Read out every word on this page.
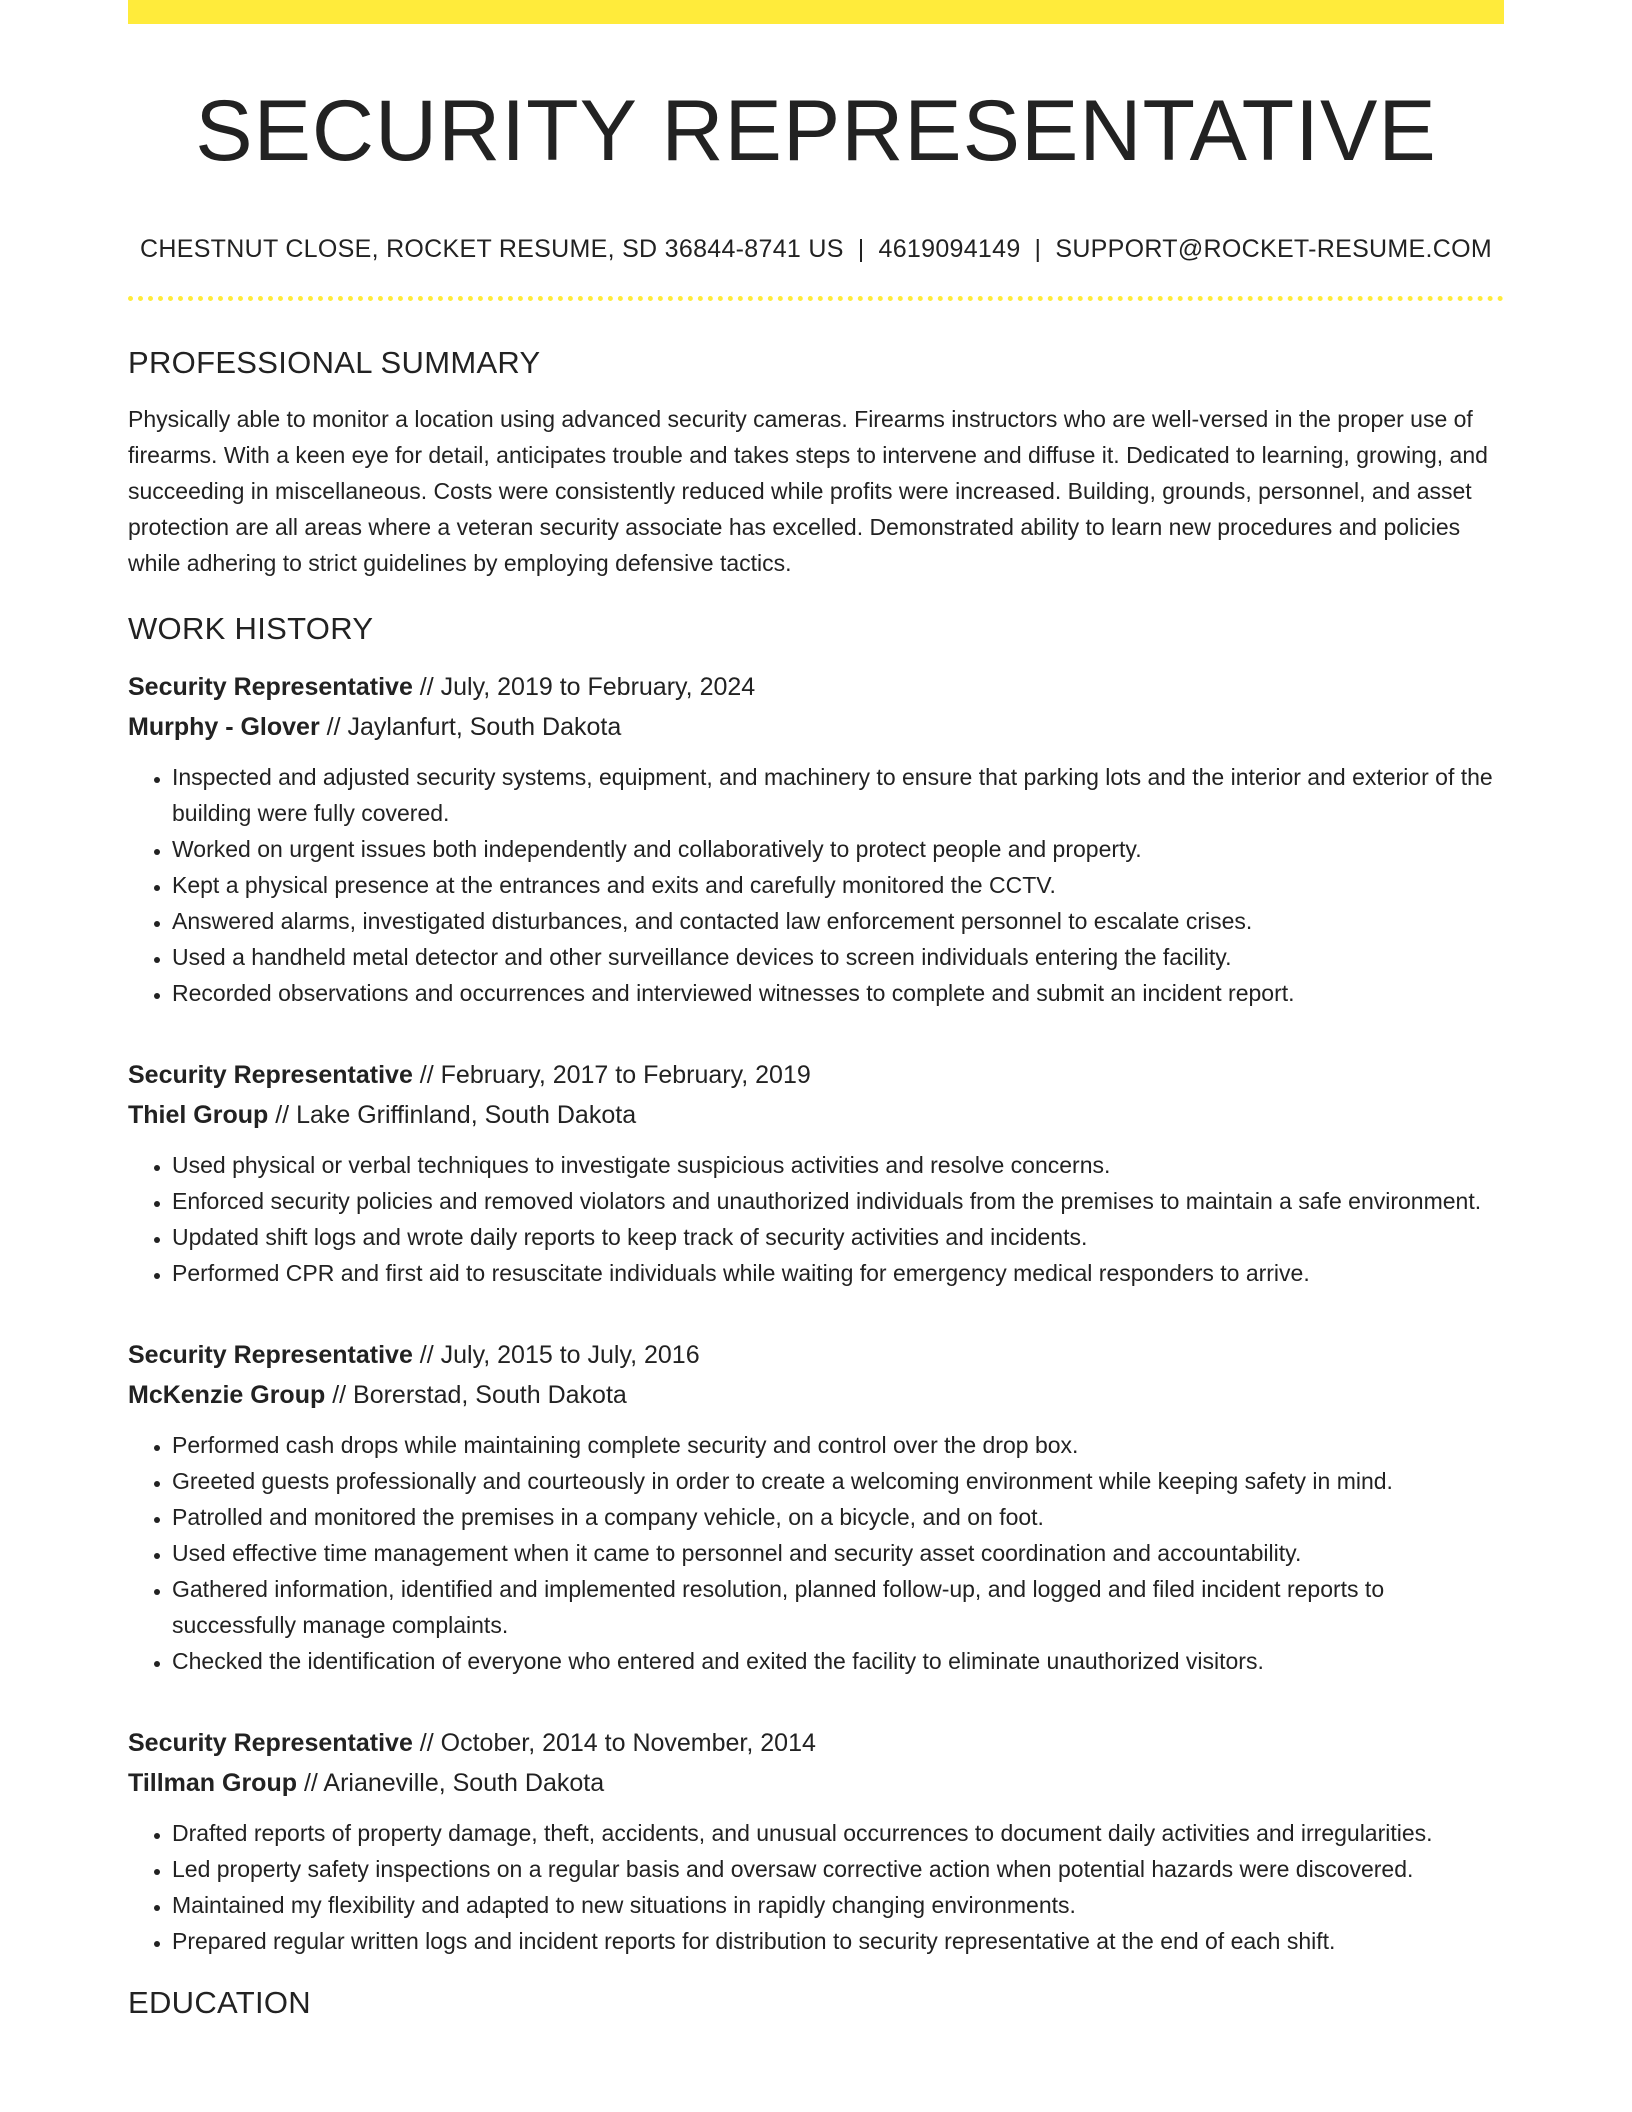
SECURITY REPRESENTATIVE
CHESTNUT CLOSE, ROCKET RESUME, SD 36844-8741 US | 4619094149 | SUPPORT@ROCKET-RESUME.COM
PROFESSIONAL SUMMARY

Physically able to monitor a location using advanced security cameras. Firearms instructors who are well-versed in the proper use of firearms. With a keen eye for detail, anticipates trouble and takes steps to intervene and diffuse it. Dedicated to learning, growing, and succeeding in miscellaneous. Costs were consistently reduced while profits were increased. Building, grounds, personnel, and asset protection are all areas where a veteran security associate has excelled. Demonstrated ability to learn new procedures and policies while adhering to strict guidelines by employing defensive tactics.

WORK HISTORY
Security Representative // July, 2019 to February, 2024
Murphy - Glover // Jaylanfurt, South Dakota
• Inspected and adjusted security systems, equipment, and machinery to ensure that parking lots and the interior and exterior of the building were fully covered.
• Worked on urgent issues both independently and collaboratively to protect people and property.
• Kept a physical presence at the entrances and exits and carefully monitored the CCTV.
• Answered alarms, investigated disturbances, and contacted law enforcement personnel to escalate crises.
• Used a handheld metal detector and other surveillance devices to screen individuals entering the facility.
• Recorded observations and occurrences and interviewed witnesses to complete and submit an incident report.
Security Representative // February, 2017 to February, 2019
Thiel Group // Lake Griffinland, South Dakota
• Used physical or verbal techniques to investigate suspicious activities and resolve concerns.
• Enforced security policies and removed violators and unauthorized individuals from the premises to maintain a safe environment.
• Updated shift logs and wrote daily reports to keep track of security activities and incidents.
• Performed CPR and first aid to resuscitate individuals while waiting for emergency medical responders to arrive.
Security Representative // July, 2015 to July, 2016
McKenzie Group // Borerstad, South Dakota
• Performed cash drops while maintaining complete security and control over the drop box.
• Greeted guests professionally and courteously in order to create a welcoming environment while keeping safety in mind.
• Patrolled and monitored the premises in a company vehicle, on a bicycle, and on foot.
• Used effective time management when it came to personnel and security asset coordination and accountability.
• Gathered information, identified and implemented resolution, planned follow-up, and logged and filed incident reports to successfully manage complaints.
• Checked the identification of everyone who entered and exited the facility to eliminate unauthorized visitors.
Security Representative // October, 2014 to November, 2014
Tillman Group // Arianeville, South Dakota
• Drafted reports of property damage, theft, accidents, and unusual occurrences to document daily activities and irregularities.
• Led property safety inspections on a regular basis and oversaw corrective action when potential hazards were discovered.
• Maintained my flexibility and adapted to new situations in rapidly changing environments.
• Prepared regular written logs and incident reports for distribution to security representative at the end of each shift.
EDUCATION
